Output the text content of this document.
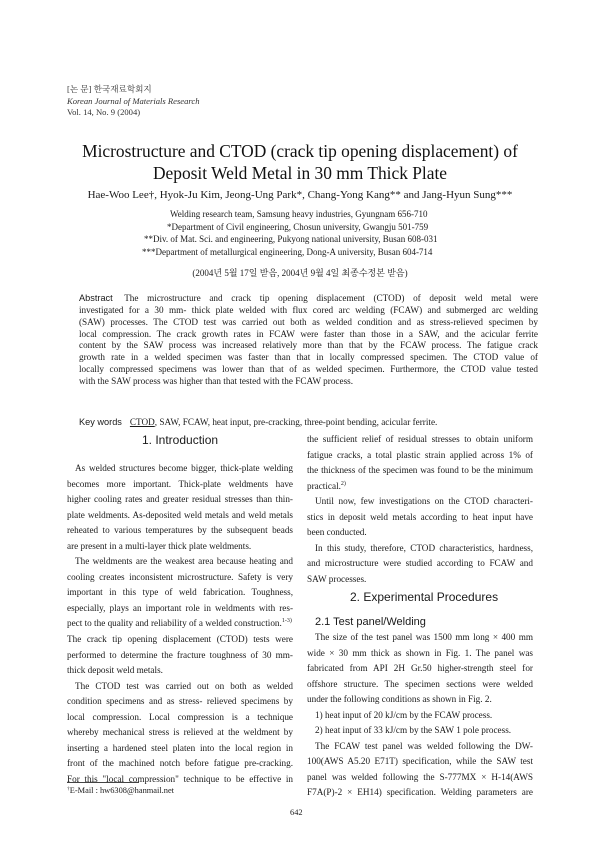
[논 문] 한국재료학회지
Korean Journal of Materials Research
Vol. 14, No. 9 (2004)
Microstructure and CTOD (crack tip opening displacement) of
Deposit Weld Metal in 30 mm Thick Plate
Hae-Woo Lee†, Hyok-Ju Kim, Jeong-Ung Park*, Chang-Yong Kang** and Jang-Hyun Sung***
Welding research team, Samsung heavy industries, Gyungnam 656-710
*Department of Civil engineering, Chosun university, Gwangju 501-759
**Div. of Mat. Sci. and engineering, Pukyong national university, Busan 608-031
***Department of metallurgical engineering, Dong-A university, Busan 604-714
(2004년 5월 17일 받음, 2004년 9월 4일 최종수정본 받음)
Abstract The microstructure and crack tip opening displacement (CTOD) of deposit weld metal were
investigated for a 30 mm- thick plate welded with flux cored arc welding (FCAW) and submerged arc welding
(SAW) processes. The CTOD test was carried out both as welded condition and as stress-relieved specimen by
local compression. The crack growth rates in FCAW were faster than those in a SAW, and the acicular ferrite
content by the SAW process was increased relatively more than that by the FCAW process. The fatigue crack
growth rate in a welded specimen was faster than that in locally compressed specimen. The CTOD value of
locally compressed specimens was lower than that of as welded specimen. Furthermore, the CTOD value tested
with the SAW process was higher than that tested with the FCAW process.
Key words CTOD, SAW, FCAW, heat input, pre-cracking, three-point bending, acicular ferrite.
1. Introduction
As welded structures become bigger, thick-plate welding
becomes more important. Thick-plate weldments have
higher cooling rates and greater residual stresses than thin-
plate weldments. As-deposited weld metals and weld metals
reheated to various temperatures by the subsequent beads
are present in a multi-layer thick plate weldments.
The weldments are the weakest area because heating and
cooling creates inconsistent microstructure. Safety is very
important in this type of weld fabrication. Toughness,
especially, plays an important role in weldments with res-
pect to the quality and reliability of a welded construction.$^{1-3)}$
The crack tip opening displacement (CTOD) tests were
performed to determine the fracture toughness of 30 mm-
thick deposit weld metals.
The CTOD test was carried out on both as welded
condition specimens and as stress- relieved specimens by
local compression. Local compression is a technique
whereby mechanical stress is relieved at the weldment by
inserting a hardened steel platen into the local region in
front of the machined notch before fatigue pre-cracking.
For this "local compression" technique to be effective in
the sufficient relief of residual stresses to obtain uniform
fatigue cracks, a total plastic strain applied across 1% of
the thickness of the specimen was found to be the minimum
practical.$^{2)}$
Until now, few investigations on the CTOD characteri-
stics in deposit weld metals according to heat input have
been conducted.
In this study, therefore, CTOD characteristics, hardness,
and microstructure were studied according to FCAW and
SAW processes.
2. Experimental Procedures
2.1 Test panel/Welding
The size of the test panel was 1500 mm long × 400 mm
wide × 30 mm thick as shown in Fig. 1. The panel was
fabricated from API 2H Gr.50 higher-strength steel for
offshore structure. The specimen sections were welded
under the following conditions as shown in Fig. 2.
1) heat input of 20 kJ/cm by the FCAW process.
2) heat input of 33 kJ/cm by the SAW 1 pole process.
The FCAW test panel was welded following the DW-
100(AWS A5.20 E71T) specification, while the SAW test
panel was welded following the S-777MX × H-14(AWS
F7A(P)-2 × EH14) specification. Welding parameters are
†E-Mail : hw6308@hanmail.net
642
